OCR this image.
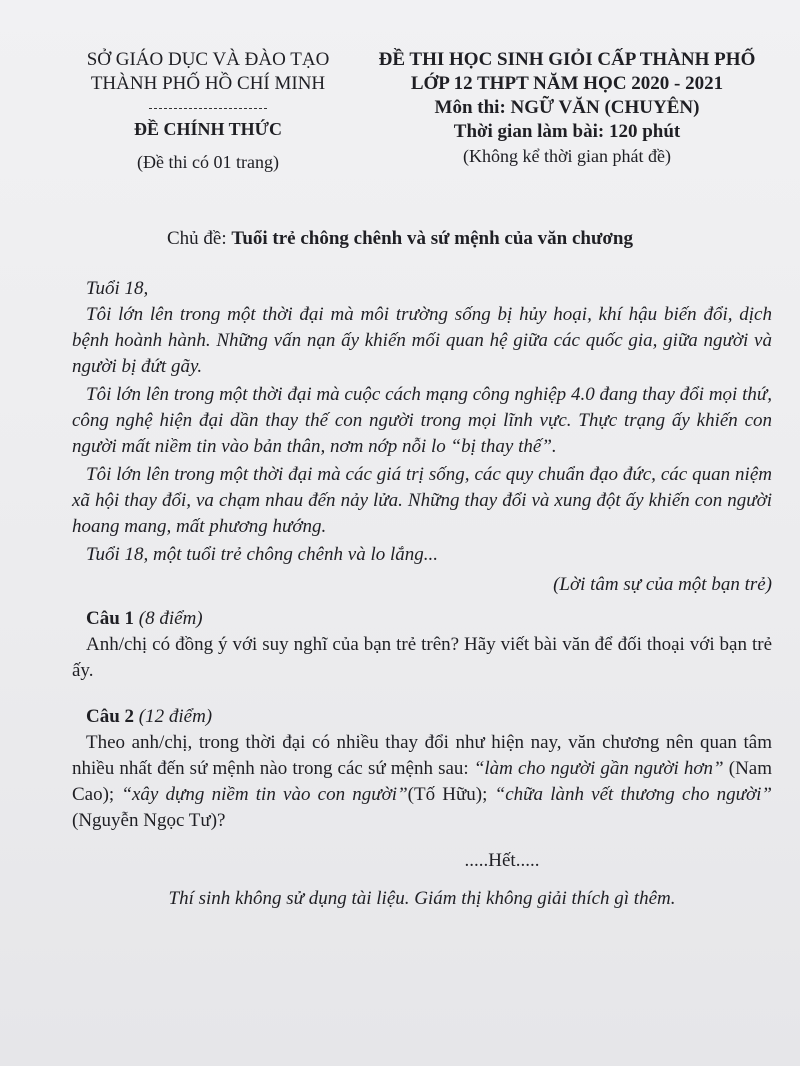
SỞ GIÁO DỤC VÀ ĐÀO TẠO
THÀNH PHỐ HỒ CHÍ MINH
ĐỀ CHÍNH THỨC
(Đề thi có 01 trang)
ĐỀ THI HỌC SINH GIỎI CẤP THÀNH PHỐ
LỚP 12 THPT NĂM HỌC 2020 - 2021
Môn thi: NGỮ VĂN (CHUYÊN)
Thời gian làm bài: 120 phút
(Không kể thời gian phát đề)
Chủ đề: Tuổi trẻ chông chênh và sứ mệnh của văn chương

Tuổi 18,

Tôi lớn lên trong một thời đại mà môi trường sống bị hủy hoại, khí hậu biến đổi, dịch bệnh hoành hành. Những vấn nạn ấy khiến mối quan hệ giữa các quốc gia, giữa người và người bị đứt gãy.

Tôi lớn lên trong một thời đại mà cuộc cách mạng công nghiệp 4.0 đang thay đổi mọi thứ, công nghệ hiện đại dần thay thế con người trong mọi lĩnh vực. Thực trạng ấy khiến con người mất niềm tin vào bản thân, nơm nớp nỗi lo “bị thay thế”.

Tôi lớn lên trong một thời đại mà các giá trị sống, các quy chuẩn đạo đức, các quan niệm xã hội thay đổi, va chạm nhau đến nảy lửa. Những thay đổi và xung đột ấy khiến con người hoang mang, mất phương hướng.

Tuổi 18, một tuổi trẻ chông chênh và lo lắng...

(Lời tâm sự của một bạn trẻ)

Câu 1 (8 điểm)

Anh/chị có đồng ý với suy nghĩ của bạn trẻ trên? Hãy viết bài văn để đối thoại với bạn trẻ ấy.

Câu 2 (12 điểm)

Theo anh/chị, trong thời đại có nhiều thay đổi như hiện nay, văn chương nên quan tâm nhiều nhất đến sứ mệnh nào trong các sứ mệnh sau: “làm cho người gần người hơn” (Nam Cao); “xây dựng niềm tin vào con người”(Tố Hữu); “chữa lành vết thương cho người” (Nguyễn Ngọc Tư)?

.....Hết.....

Thí sinh không sử dụng tài liệu. Giám thị không giải thích gì thêm.
